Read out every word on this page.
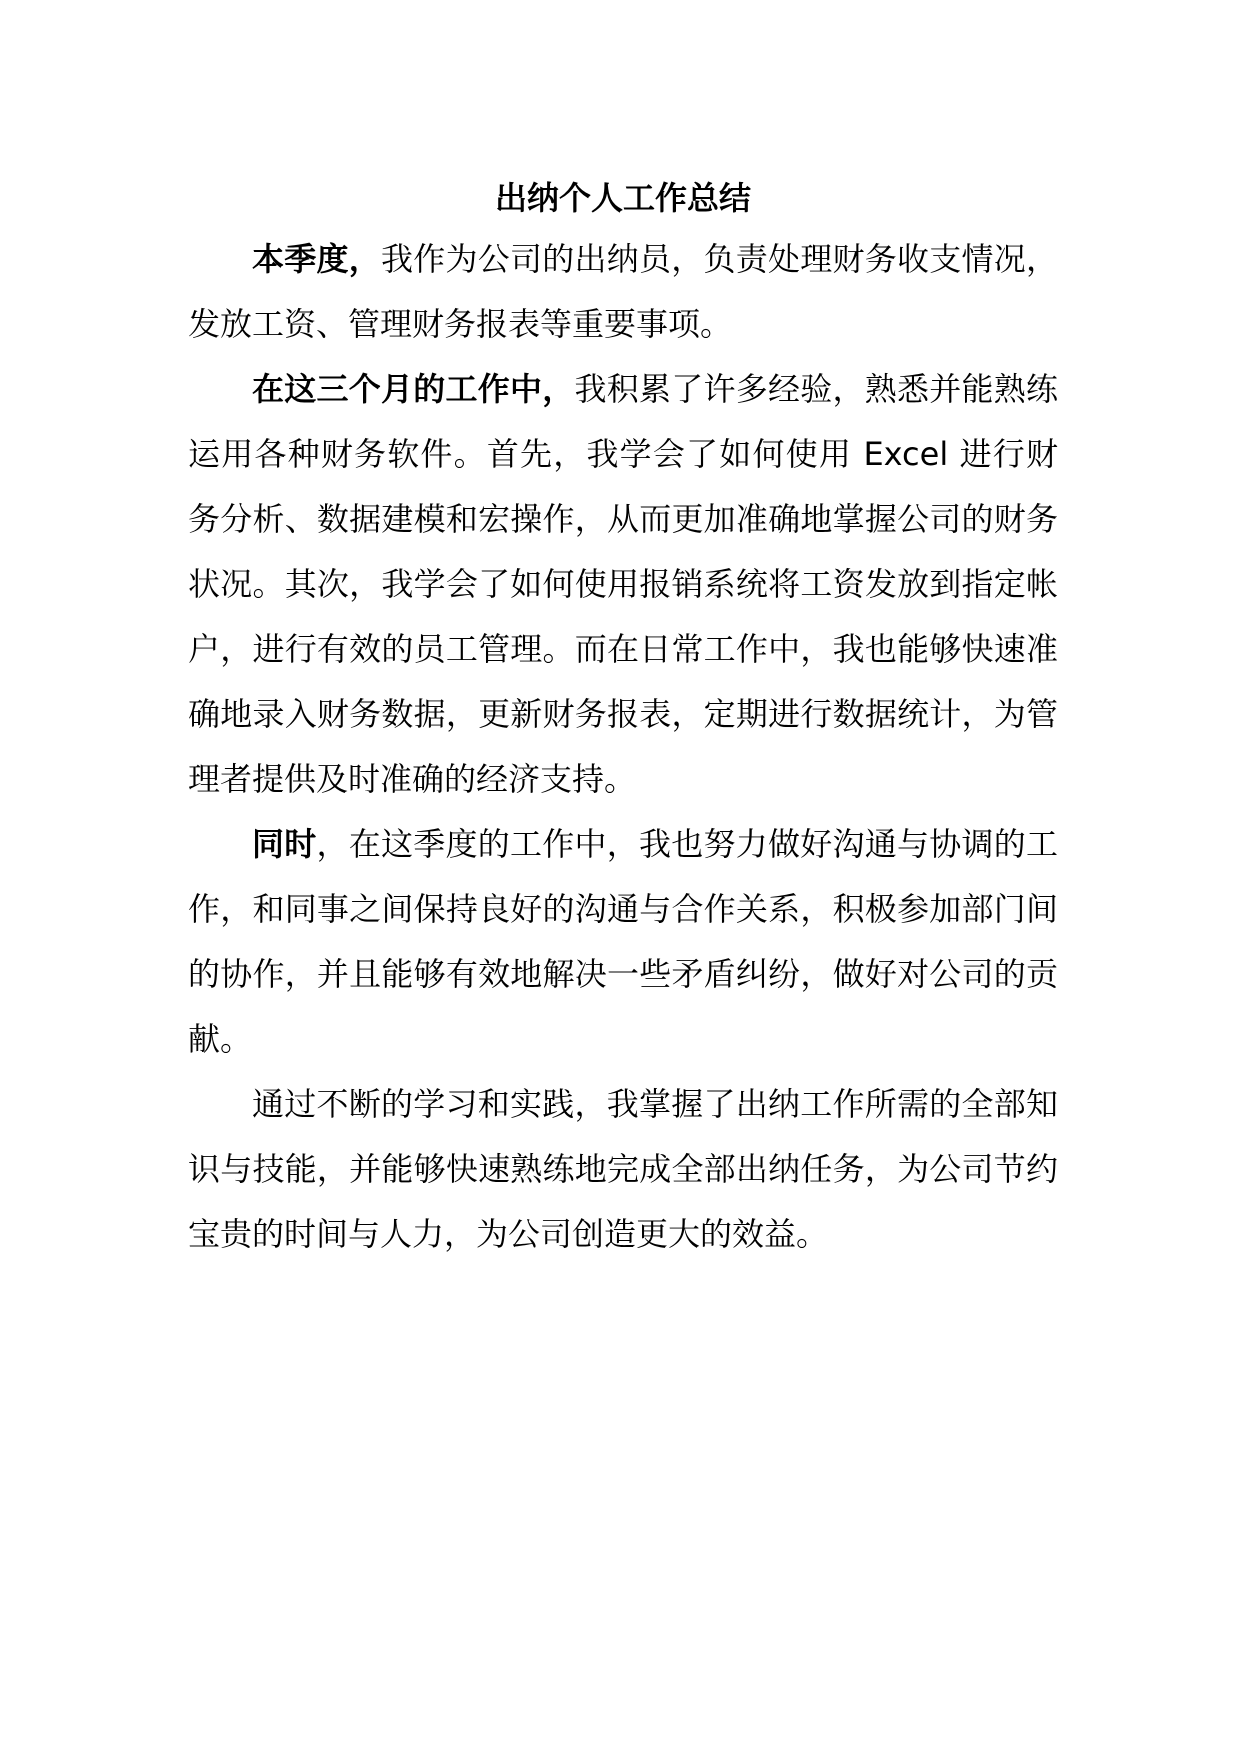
出纳个人工作总结

本季度，我作为公司的出纳员，负责处理财务收支情况，发放工资、管理财务报表等重要事项。

在这三个月的工作中，我积累了许多经验，熟悉并能熟练运用各种财务软件。首先，我学会了如何使用 Excel 进行财务分析、数据建模和宏操作，从而更加准确地掌握公司的财务状况。其次，我学会了如何使用报销系统将工资发放到指定帐户，进行有效的员工管理。而在日常工作中，我也能够快速准确地录入财务数据，更新财务报表，定期进行数据统计，为管理者提供及时准确的经济支持。

同时，在这季度的工作中，我也努力做好沟通与协调的工作，和同事之间保持良好的沟通与合作关系，积极参加部门间的协作，并且能够有效地解决一些矛盾纠纷，做好对公司的贡献。

通过不断的学习和实践，我掌握了出纳工作所需的全部知识与技能，并能够快速熟练地完成全部出纳任务，为公司节约宝贵的时间与人力，为公司创造更大的效益。
